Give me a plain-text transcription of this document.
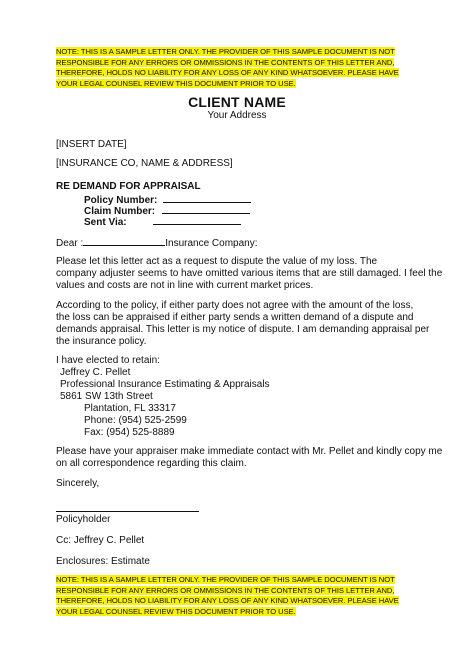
NOTE: THIS IS A SAMPLE LETTER ONLY. THE PROVIDER OF THIS SAMPLE DOCUMENT IS NOT
RESPONSIBLE FOR ANY ERRORS OR OMMISSIONS IN THE CONTENTS OF THIS LETTER AND,
THEREFORE, HOLDS NO LIABILITY FOR ANY LOSS OF ANY KIND WHATSOEVER. PLEASE HAVE
YOUR LEGAL COUNSEL REVIEW THIS DOCUMENT PRIOR TO USE.
CLIENT NAME
Your Address
[INSERT DATE]
[INSURANCE CO, NAME & ADDRESS]
RE DEMAND FOR APPRAISAL
Policy Number:
Claim Number:
Sent Via:
Dear :	Insurance Company:
Please let this letter act as a request to dispute the value of my loss. The
company adjuster seems to have omitted various items that are still damaged. I feel the
values and costs are not in line with current market prices.
According to the policy, if either party does not agree with the amount of the loss,
the loss can be appraised if either party sends a written demand of a dispute and
demands appraisal. This letter is my notice of dispute. I am demanding appraisal per
the insurance policy.
I have elected to retain:
Jeffrey C. Pellet
Professional Insurance Estimating & Appraisals
5861 SW 13th Street
Plantation, FL 33317
Phone: (954) 525-2599
Fax: (954) 525-8889
Please have your appraiser make immediate contact with Mr. Pellet and kindly copy me
on all correspondence regarding this claim.
Sincerely,
Policyholder
Cc: Jeffrey C. Pellet
Enclosures: Estimate
NOTE: THIS IS A SAMPLE LETTER ONLY. THE PROVIDER OF THIS SAMPLE DOCUMENT IS NOT
RESPONSIBLE FOR ANY ERRORS OR OMMISSIONS IN THE CONTENTS OF THIS LETTER AND,
THEREFORE, HOLDS NO LIABILITY FOR ANY LOSS OF ANY KIND WHATSOEVER. PLEASE HAVE
YOUR LEGAL COUNSEL REVIEW THIS DOCUMENT PRIOR TO USE.
